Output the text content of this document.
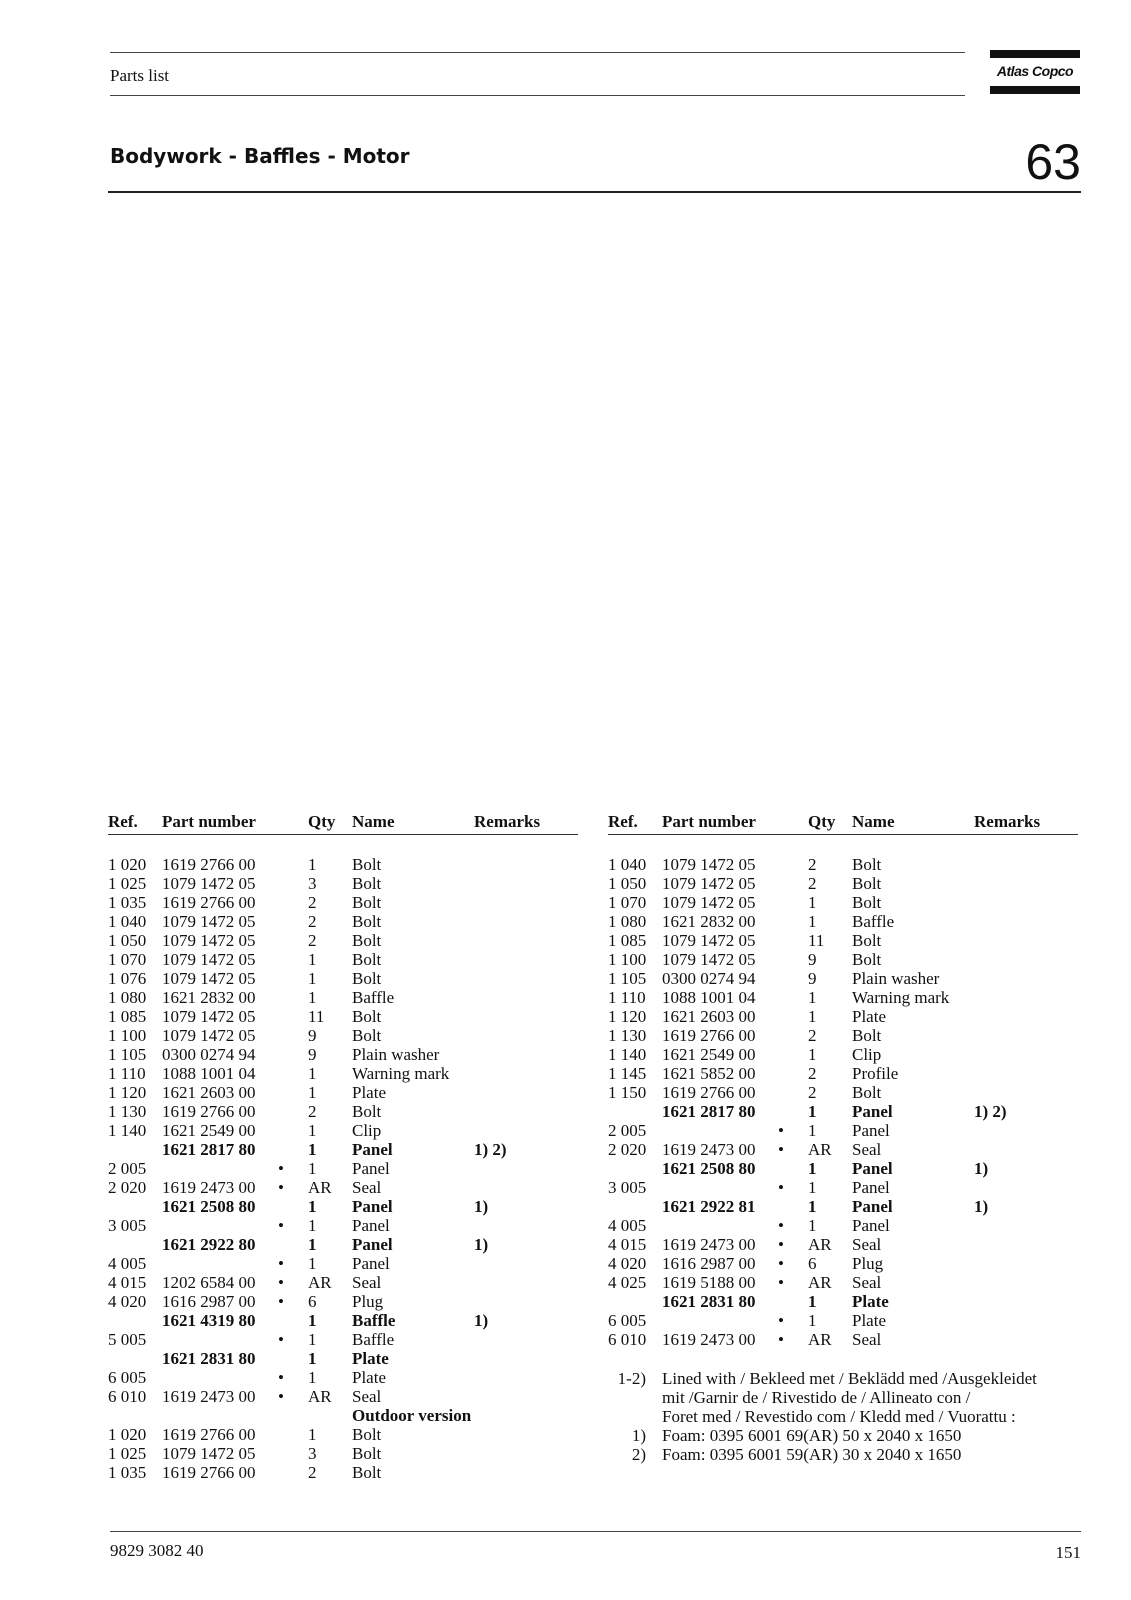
Parts list	Atlas Copco
Bodywork - Baffles - Motor	63
Ref. Part number	Qty Name	Remarks
1 020 1619 2766 00	1 Bolt
1 025 1079 1472 05	3 Bolt
1 035 1619 2766 00	2 Bolt
1 040 1079 1472 05	2 Bolt
1 050 1079 1472 05	2 Bolt
1 070 1079 1472 05	1 Bolt
1 076 1079 1472 05	1 Bolt
1 080 1621 2832 00	1 Baffle
1 085 1079 1472 05	11 Bolt
1 100 1079 1472 05	9 Bolt
1 105 0300 0274 94	9 Plain washer
1 110 1088 1001 04	1 Warning mark
1 120 1621 2603 00	1 Plate
1 130 1619 2766 00	2 Bolt
1 140 1621 2549 00	1 Clip
1621 2817 80	1 Panel	1) 2)
2 005	• 1 Panel
2 020 1619 2473 00 • AR Seal
1621 2508 80	1 Panel	1)
3 005	• 1 Panel
1621 2922 80	1 Panel	1)
4 005	• 1 Panel
4 015 1202 6584 00 • AR Seal
4 020 1616 2987 00 • 6 Plug
1621 4319 80	1 Baffle	1)
5 005	• 1 Baffle
1621 2831 80	1 Plate
6 005	• 1 Plate
6 010 1619 2473 00 • AR Seal
Outdoor version
1 020 1619 2766 00	1 Bolt
1 025 1079 1472 05	3 Bolt
1 035 1619 2766 00	2 Bolt
Ref. Part number	Qty Name	Remarks
1 040 1079 1472 05	2 Bolt
1 050 1079 1472 05	2 Bolt
1 070 1079 1472 05	1 Bolt
1 080 1621 2832 00	1 Baffle
1 085 1079 1472 05	11 Bolt
1 100 1079 1472 05	9 Bolt
1 105 0300 0274 94	9 Plain washer
1 110 1088 1001 04	1 Warning mark
1 120 1621 2603 00	1 Plate
1 130 1619 2766 00	2 Bolt
1 140 1621 2549 00	1 Clip
1 145 1621 5852 00	2 Profile
1 150 1619 2766 00	2 Bolt
1621 2817 80	1 Panel	1) 2)
2 005	• 1 Panel
2 020 1619 2473 00 • AR Seal
1621 2508 80	1 Panel	1)
3 005	• 1 Panel
1621 2922 81	1 Panel	1)
4 005	• 1 Panel
4 015 1619 2473 00 • AR Seal
4 020 1616 2987 00 • 6 Plug
4 025 1619 5188 00 • AR Seal
1621 2831 80	1 Plate
6 005	• 1 Plate
6 010 1619 2473 00 • AR Seal
1-2) Lined with / Bekleed met / Beklädd med /Ausgekleidet
mit /Garnir de / Rivestido de / Allineato con /
Foret med / Revestido com / Kledd med / Vuorattu :
1) Foam: 0395 6001 69(AR) 50 x 2040 x 1650
2) Foam: 0395 6001 59(AR) 30 x 2040 x 1650
9829 3082 40	151
